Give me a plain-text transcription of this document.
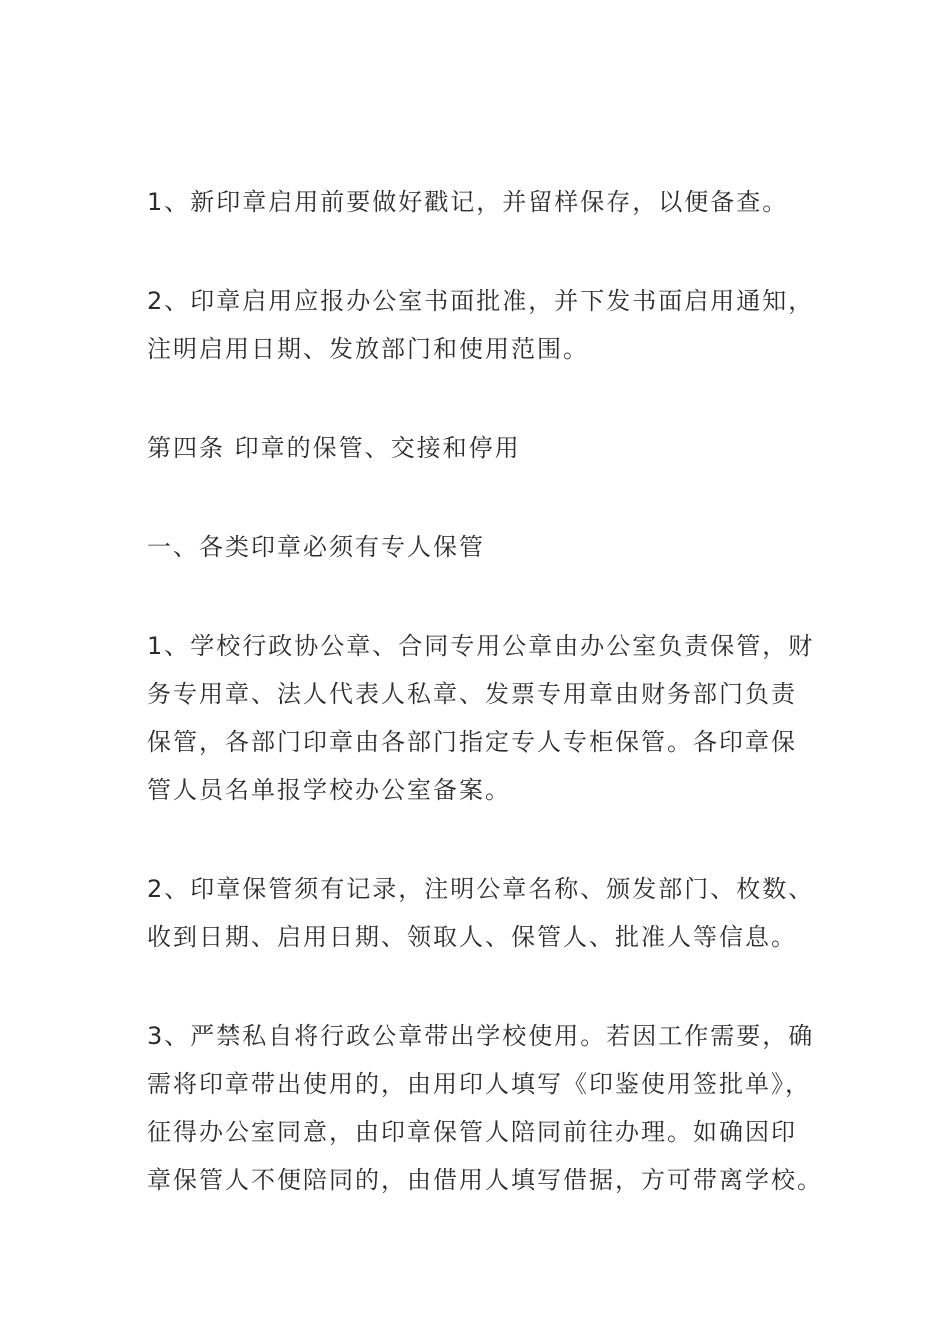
1、新印章启用前要做好戳记，并留样保存，以便备查。
2、印章启用应报办公室书面批准，并下发书面启用通知，
注明启用日期、发放部门和使用范围。
第四条 印章的保管、交接和停用
一、各类印章必须有专人保管
1、学校行政协公章、合同专用公章由办公室负责保管，财
务专用章、法人代表人私章、发票专用章由财务部门负责
保管，各部门印章由各部门指定专人专柜保管。各印章保
管人员名单报学校办公室备案。
2、印章保管须有记录，注明公章名称、颁发部门、枚数、
收到日期、启用日期、领取人、保管人、批准人等信息。
3、严禁私自将行政公章带出学校使用。若因工作需要，确
需将印章带出使用的，由用印人填写《印鉴使用签批单》，
征得办公室同意，由印章保管人陪同前往办理。如确因印
章保管人不便陪同的，由借用人填写借据，方可带离学校。
